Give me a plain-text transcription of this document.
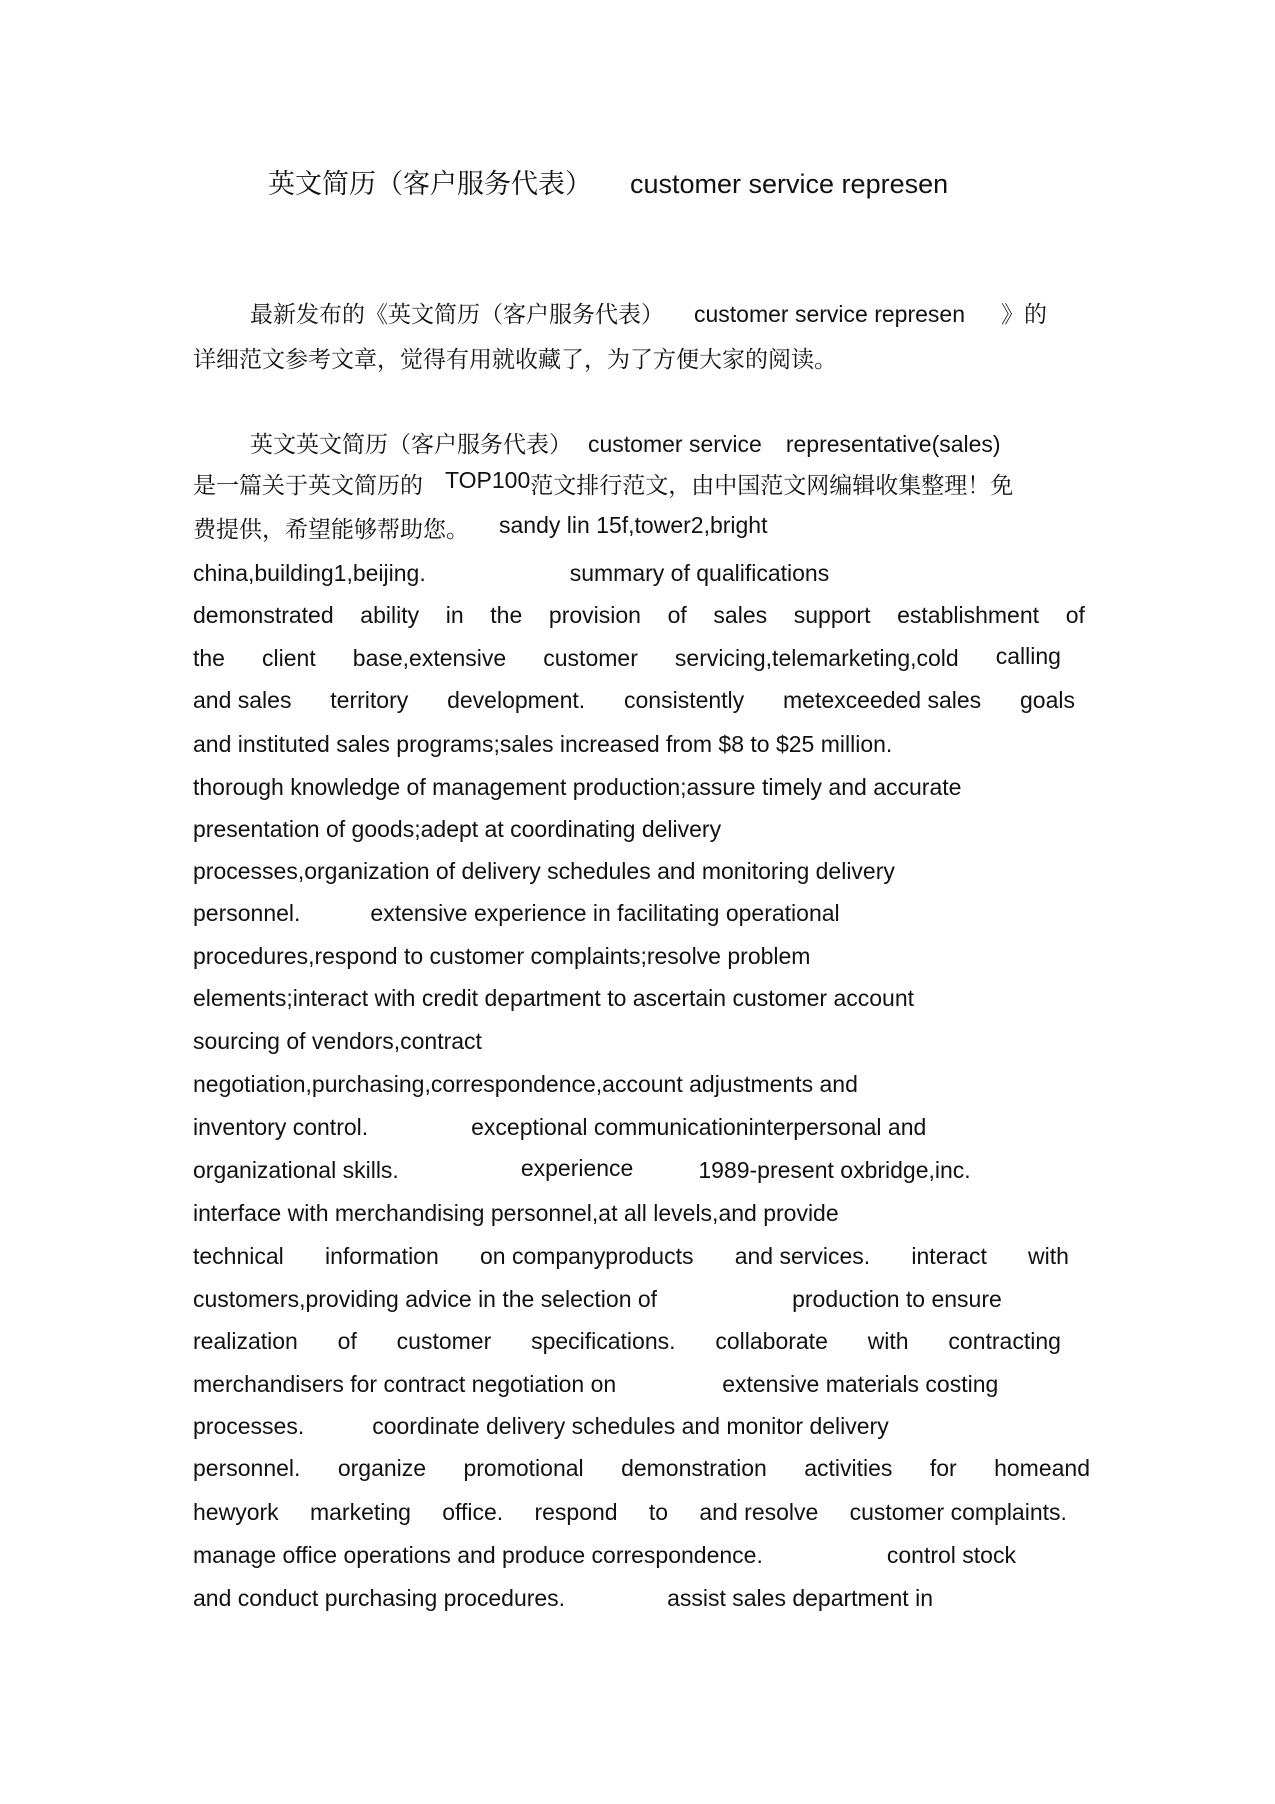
英文简历（客户服务代表） customer service represen
最新发布的《英文简历（客户服务代表） customer service represen 》的
详细范文参考文章，觉得有用就收藏了，为了方便大家的阅读。
英文英文简历（客户服务代表） customer service representative(sales)
是一篇关于英文简历的 TOP100范文排行范文，由中国范文网编辑收集整理！免
费提供，希望能够帮助您。 sandy lin 15f,tower2,bright
china,building1,beijing.	summary of qualifications
demonstrated ability in the provision of sales support establishment of
the client base,extensive customer servicing,telemarketing,cold calling
and sales territory development. consistently metexceeded sales goals
and instituted sales programs;sales increased from $8 to $25 million.
thorough knowledge of management production;assure timely and accurate
presentation of goods;adept at coordinating delivery
processes,organization of delivery schedules and monitoring delivery
personnel.	extensive experience in facilitating operational
procedures,respond to customer complaints;resolve problem
elements;interact with credit department to ascertain customer account
sourcing of vendors,contract
negotiation,purchasing,correspondence,account adjustments and
inventory control.	exceptional communicationinterpersonal and
organizational skills.	experience	1989-present oxbridge,inc.
interface with merchandising personnel,at all levels,and provide
technical information on companyproducts and services. interact with
customers,providing advice in the selection of	production to ensure
realization of customer specifications. collaborate with contracting
merchandisers for contract negotiation on	extensive materials costing
processes.	coordinate delivery schedules and monitor delivery
personnel. organize promotional demonstration activities for homeand
hewyork marketing office. respond to and resolve customer complaints.
manage office operations and produce correspondence.	control stock
and conduct purchasing procedures.	assist sales department in
